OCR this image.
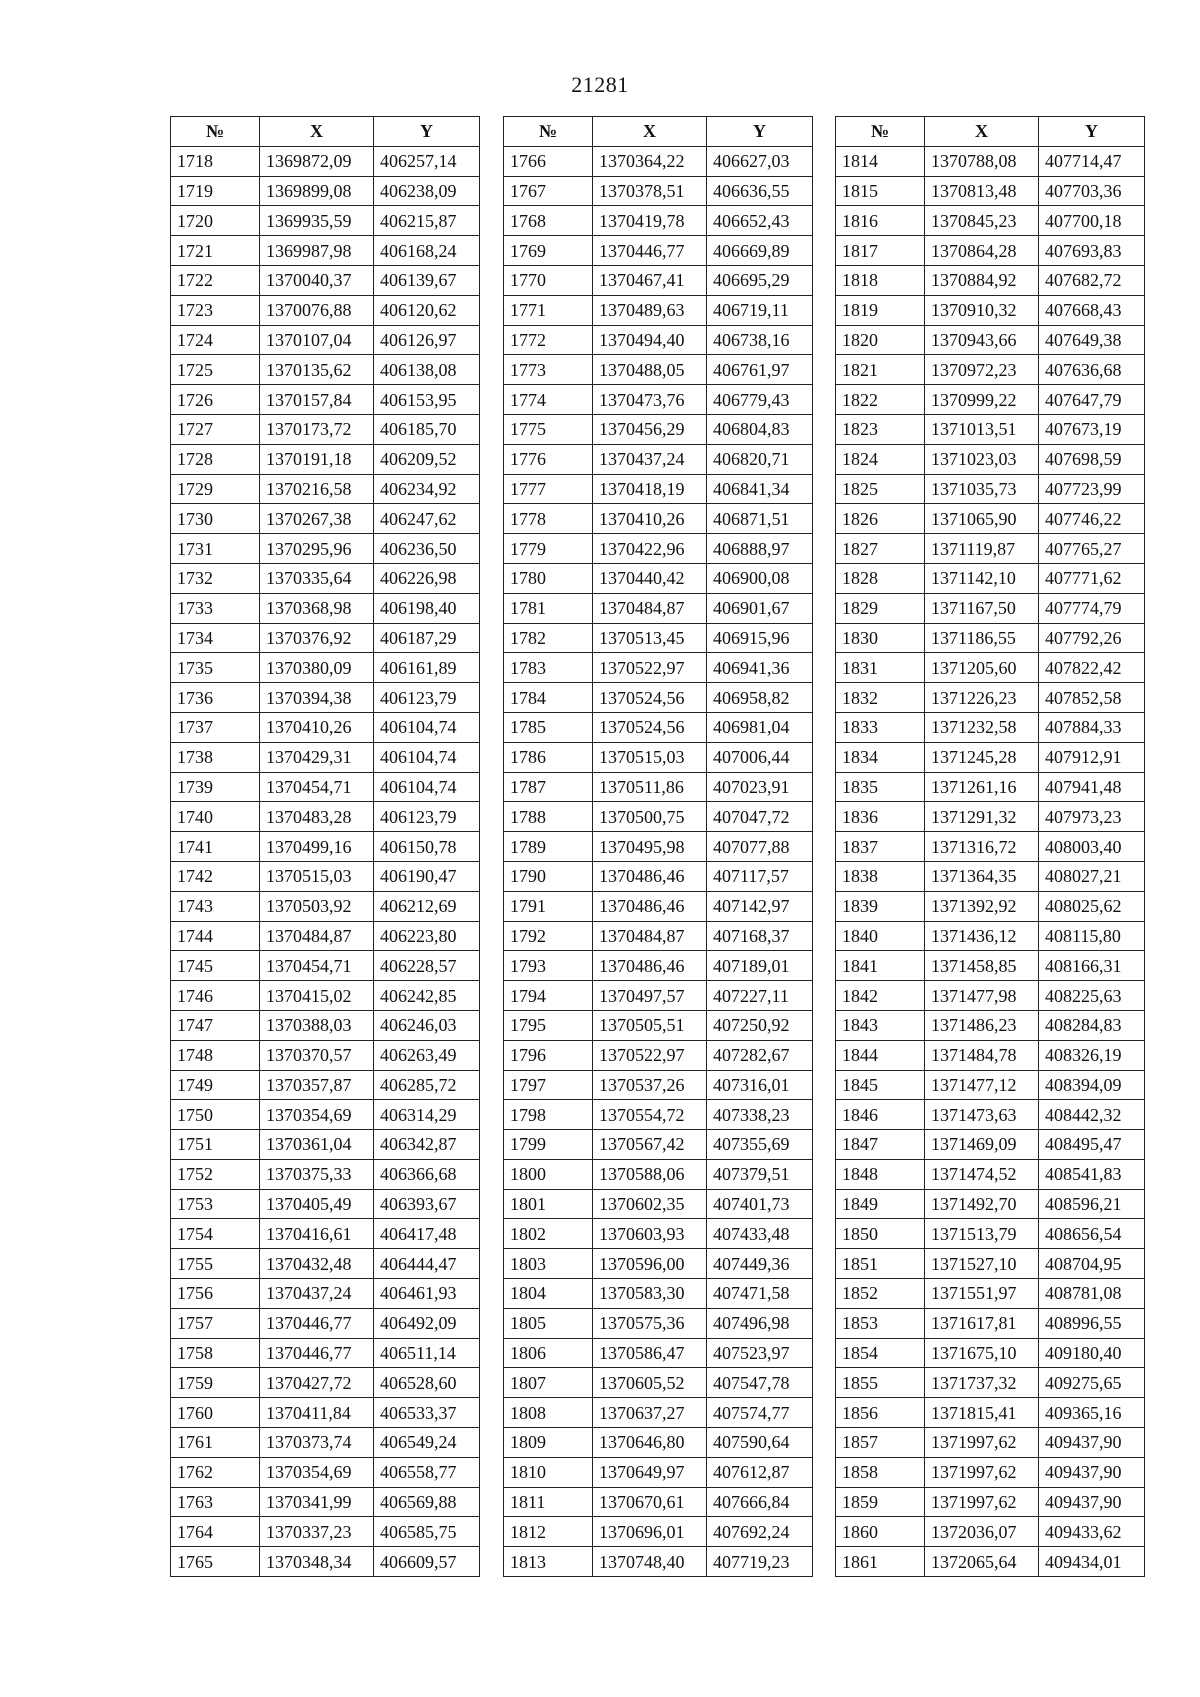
21281
№	X	Y
1718	1369872,09	406257,14
1719	1369899,08	406238,09
1720	1369935,59	406215,87
1721	1369987,98	406168,24
1722	1370040,37	406139,67
1723	1370076,88	406120,62
1724	1370107,04	406126,97
1725	1370135,62	406138,08
1726	1370157,84	406153,95
1727	1370173,72	406185,70
1728	1370191,18	406209,52
1729	1370216,58	406234,92
1730	1370267,38	406247,62
1731	1370295,96	406236,50
1732	1370335,64	406226,98
1733	1370368,98	406198,40
1734	1370376,92	406187,29
1735	1370380,09	406161,89
1736	1370394,38	406123,79
1737	1370410,26	406104,74
1738	1370429,31	406104,74
1739	1370454,71	406104,74
1740	1370483,28	406123,79
1741	1370499,16	406150,78
1742	1370515,03	406190,47
1743	1370503,92	406212,69
1744	1370484,87	406223,80
1745	1370454,71	406228,57
1746	1370415,02	406242,85
1747	1370388,03	406246,03
1748	1370370,57	406263,49
1749	1370357,87	406285,72
1750	1370354,69	406314,29
1751	1370361,04	406342,87
1752	1370375,33	406366,68
1753	1370405,49	406393,67
1754	1370416,61	406417,48
1755	1370432,48	406444,47
1756	1370437,24	406461,93
1757	1370446,77	406492,09
1758	1370446,77	406511,14
1759	1370427,72	406528,60
1760	1370411,84	406533,37
1761	1370373,74	406549,24
1762	1370354,69	406558,77
1763	1370341,99	406569,88
1764	1370337,23	406585,75
1765	1370348,34	406609,57
№	X	Y
1766	1370364,22	406627,03
1767	1370378,51	406636,55
1768	1370419,78	406652,43
1769	1370446,77	406669,89
1770	1370467,41	406695,29
1771	1370489,63	406719,11
1772	1370494,40	406738,16
1773	1370488,05	406761,97
1774	1370473,76	406779,43
1775	1370456,29	406804,83
1776	1370437,24	406820,71
1777	1370418,19	406841,34
1778	1370410,26	406871,51
1779	1370422,96	406888,97
1780	1370440,42	406900,08
1781	1370484,87	406901,67
1782	1370513,45	406915,96
1783	1370522,97	406941,36
1784	1370524,56	406958,82
1785	1370524,56	406981,04
1786	1370515,03	407006,44
1787	1370511,86	407023,91
1788	1370500,75	407047,72
1789	1370495,98	407077,88
1790	1370486,46	407117,57
1791	1370486,46	407142,97
1792	1370484,87	407168,37
1793	1370486,46	407189,01
1794	1370497,57	407227,11
1795	1370505,51	407250,92
1796	1370522,97	407282,67
1797	1370537,26	407316,01
1798	1370554,72	407338,23
1799	1370567,42	407355,69
1800	1370588,06	407379,51
1801	1370602,35	407401,73
1802	1370603,93	407433,48
1803	1370596,00	407449,36
1804	1370583,30	407471,58
1805	1370575,36	407496,98
1806	1370586,47	407523,97
1807	1370605,52	407547,78
1808	1370637,27	407574,77
1809	1370646,80	407590,64
1810	1370649,97	407612,87
1811	1370670,61	407666,84
1812	1370696,01	407692,24
1813	1370748,40	407719,23
№	X	Y
1814	1370788,08	407714,47
1815	1370813,48	407703,36
1816	1370845,23	407700,18
1817	1370864,28	407693,83
1818	1370884,92	407682,72
1819	1370910,32	407668,43
1820	1370943,66	407649,38
1821	1370972,23	407636,68
1822	1370999,22	407647,79
1823	1371013,51	407673,19
1824	1371023,03	407698,59
1825	1371035,73	407723,99
1826	1371065,90	407746,22
1827	1371119,87	407765,27
1828	1371142,10	407771,62
1829	1371167,50	407774,79
1830	1371186,55	407792,26
1831	1371205,60	407822,42
1832	1371226,23	407852,58
1833	1371232,58	407884,33
1834	1371245,28	407912,91
1835	1371261,16	407941,48
1836	1371291,32	407973,23
1837	1371316,72	408003,40
1838	1371364,35	408027,21
1839	1371392,92	408025,62
1840	1371436,12	408115,80
1841	1371458,85	408166,31
1842	1371477,98	408225,63
1843	1371486,23	408284,83
1844	1371484,78	408326,19
1845	1371477,12	408394,09
1846	1371473,63	408442,32
1847	1371469,09	408495,47
1848	1371474,52	408541,83
1849	1371492,70	408596,21
1850	1371513,79	408656,54
1851	1371527,10	408704,95
1852	1371551,97	408781,08
1853	1371617,81	408996,55
1854	1371675,10	409180,40
1855	1371737,32	409275,65
1856	1371815,41	409365,16
1857	1371997,62	409437,90
1858	1371997,62	409437,90
1859	1371997,62	409437,90
1860	1372036,07	409433,62
1861	1372065,64	409434,01
